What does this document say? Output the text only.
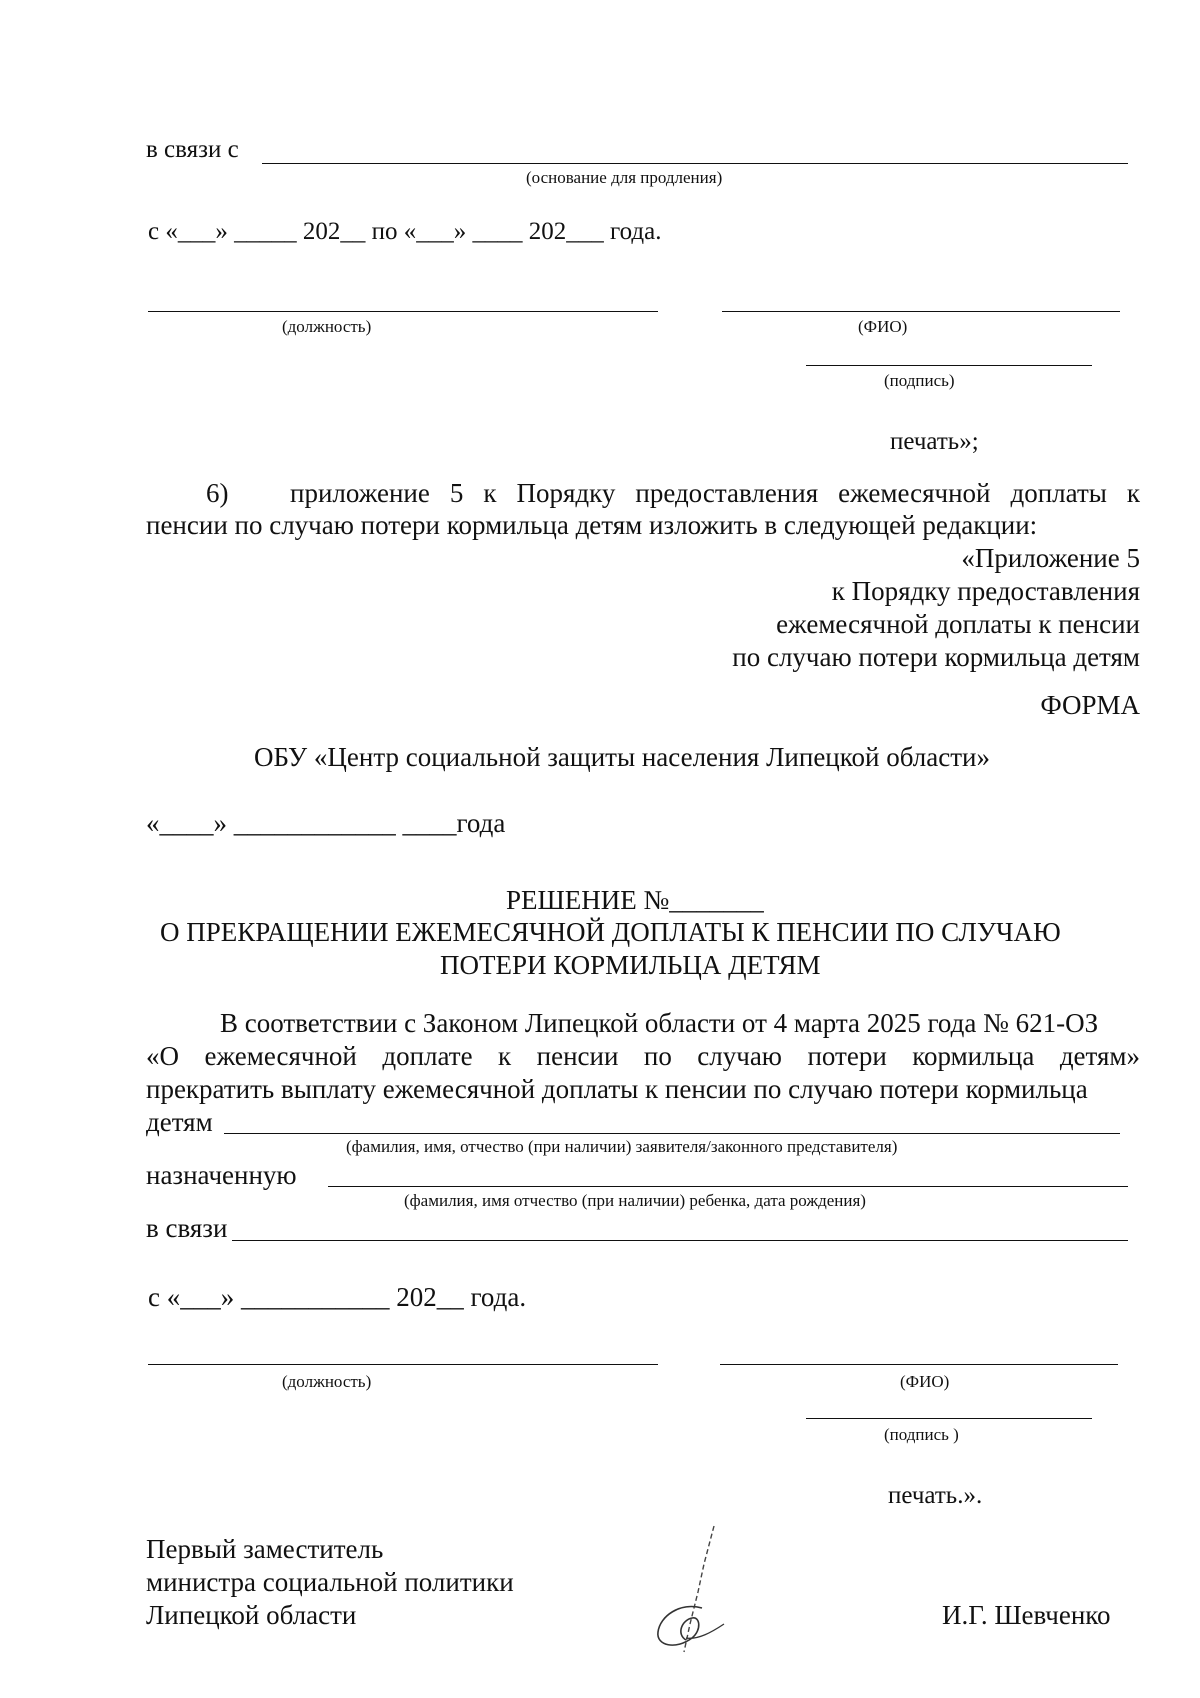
в связи с
(основание для продления)
с «___» _____ 202__ по «___» ____ 202___ года.
(должность)	(ФИО)
(подпись)
печать»;
6) приложение 5 к Порядку предоставления ежемесячной доплаты к
пенсии по случаю потери кормильца детям изложить в следующей редакции:
«Приложение 5
к Порядку предоставления
ежемесячной доплаты к пенсии
по случаю потери кормильца детям
ФОРМА
ОБУ «Центр социальной защиты населения Липецкой области»
«____» ____________ ____года
РЕШЕНИЕ №_______
О ПРЕКРАЩЕНИИ ЕЖЕМЕСЯЧНОЙ ДОПЛАТЫ К ПЕНСИИ ПО СЛУЧАЮ
ПОТЕРИ КОРМИЛЬЦА ДЕТЯМ
В соответствии с Законом Липецкой области от 4 марта 2025 года № 621-ОЗ
«О ежемесячной доплате к пенсии по случаю потери кормильца детям»
прекратить выплату ежемесячной доплаты к пенсии по случаю потери кормильца
детям
(фамилия, имя, отчество (при наличии) заявителя/законного представителя)
назначенную
(фамилия, имя отчество (при наличии) ребенка, дата рождения)
в связи
с «___» ___________ 202__ года.
(должность)	(ФИО)
(подпись )
печать.».
Первый заместитель
министра социальной политики
Липецкой области	И.Г. Шевченко
